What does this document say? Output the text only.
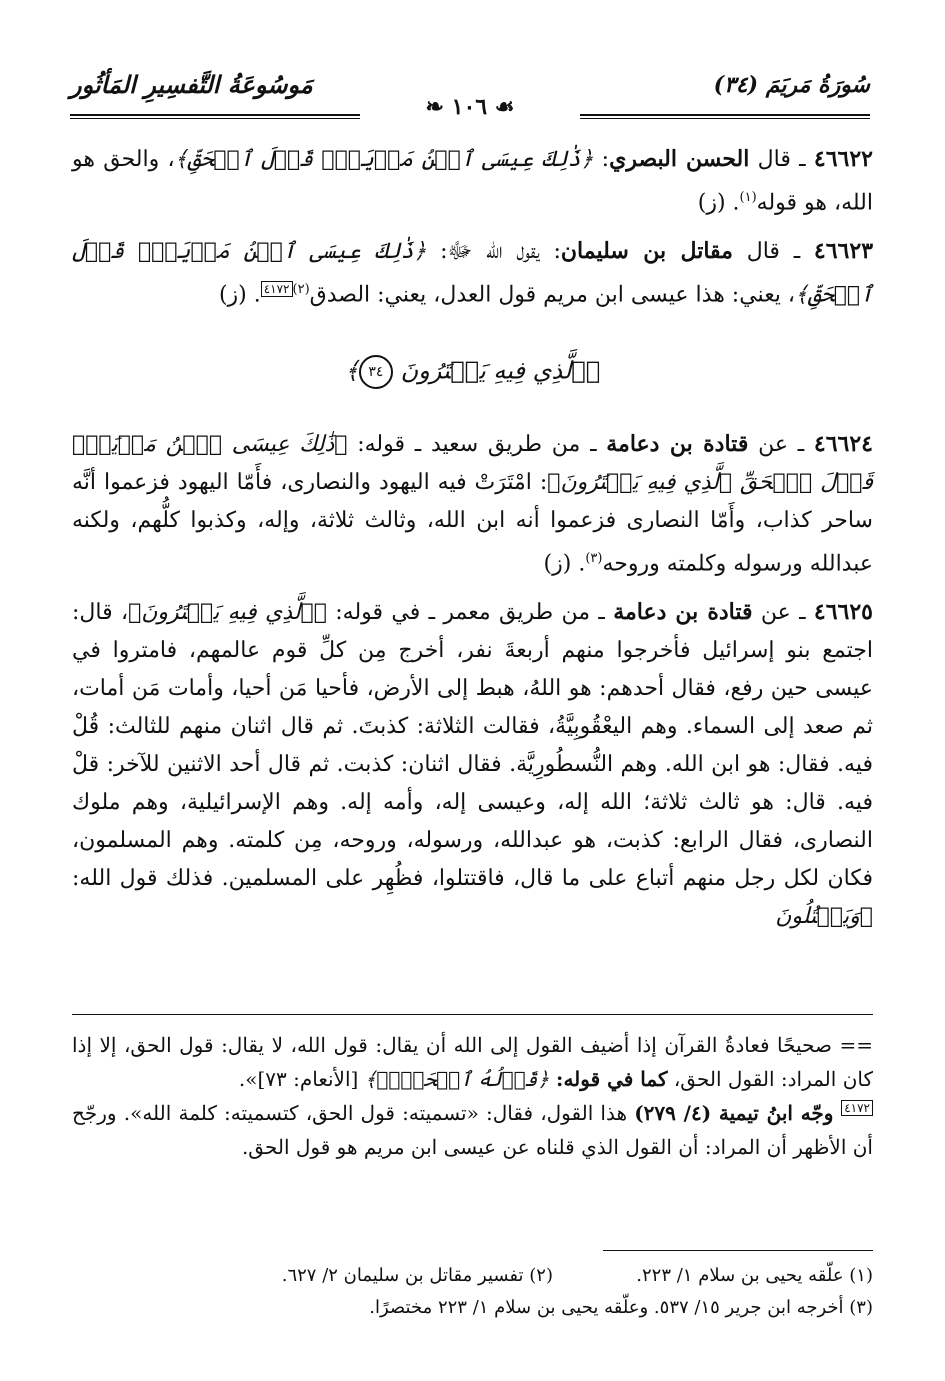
مَوسُوعَةُ التَّفسِيرِ المَأثُور	سُورَةُ مَريَمَ (٣٤)
❧ ١٠٦ ☙

٤٦٦٢٢ ـ قال الحسن البصري: ﴿ذَٰلِكَ عِيسَى ٱبۡنُ مَرۡيَمَۖ قَوۡلَ ٱلۡحَقِّ﴾، والحق هو الله، هو قوله$^{(١)}$. (ز)

٤٦٦٢٣ ـ قال مقاتل بن سليمان: يقول الله ﷻ: ﴿ذَٰلِكَ عِيسَى ٱبۡنُ مَرۡيَمَۖ قَوۡلَ ٱلۡحَقِّ﴾، يعني: هذا عيسى ابن مريم قول العدل، يعني: الصدق$^{(٢)}$٤١٧٢. (ز)

﴿ٱلَّذِي فِيهِ يَمۡتَرُونَ ٣٤﴾

٤٦٦٢٤ ـ عن قتادة بن دعامة ـ من طريق سعيد ـ قوله: ﴿ذَٰلِكَ عِيسَى ٱبۡنُ مَرۡيَمَۖ قَوۡلَ ٱلۡحَقِّ ٱلَّذِي فِيهِ يَمۡتَرُونَ﴾: امْتَرَتْ فيه اليهود والنصارى، فأَمّا اليهود فزعموا أنَّه ساحر كذاب، وأَمّا النصارى فزعموا أنه ابن الله، وثالث ثلاثة، وإله، وكذبوا كلُّهم، ولكنه عبدالله ورسوله وكلمته وروحه$^{(٣)}$. (ز)

٤٦٦٢٥ ـ عن قتادة بن دعامة ـ من طريق معمر ـ في قوله: ﴿ٱلَّذِي فِيهِ يَمۡتَرُونَ﴾، قال: اجتمع بنو إسرائيل فأخرجوا منهم أربعةَ نفر، أخرج مِن كلِّ قوم عالمهم، فامتروا في عيسى حين رفع، فقال أحدهم: هو اللهُ، هبط إلى الأرض، فأحيا مَن أحيا، وأمات مَن أمات، ثم صعد إلى السماء. وهم اليعْقُوبِيَّةُ، فقالت الثلاثة: كذبتَ. ثم قال اثنان منهم للثالث: قُلْ فيه. فقال: هو ابن الله. وهم النُّسطُورِيَّة. فقال اثنان: كذبت. ثم قال أحد الاثنين للآخر: قلْ فيه. قال: هو ثالث ثلاثة؛ الله إله، وعيسى إله، وأمه إله. وهم الإسرائيلية، وهم ملوك النصارى، فقال الرابع: كذبت، هو عبدالله، ورسوله، وروحه، مِن كلمته. وهم المسلمون، فكان لكل رجل منهم أتباع على ما قال، فاقتتلوا، فظُهِر على المسلمين. فذلك قول الله: ﴿وَيَقۡتُلُونَ

== صحيحًا فعادةُ القرآن إذا أضيف القول إلى الله أن يقال: قول الله، لا يقال: قول الحق، إلا إذا كان المراد: القول الحق، كما في قوله: ﴿قَوۡلُهُ ٱلۡحَقُّۚ﴾ [الأنعام: ٧٣]».

٤١٧٢ وجّه ابنُ تيمية (٤/ ٢٧٩) هذا القول، فقال: «تسميته: قول الحق، كتسميته: كلمة الله». ورجّح أن الأظهر أن المراد: أن القول الذي قلناه عن عيسى ابن مريم هو قول الحق.

(١) علّقه يحيى بن سلام ١/ ٢٢٣.
(٢) تفسير مقاتل بن سليمان ٢/ ٦٢٧.
(٣) أخرجه ابن جرير ١٥/ ٥٣٧. وعلّقه يحيى بن سلام ١/ ٢٢٣ مختصرًا.
